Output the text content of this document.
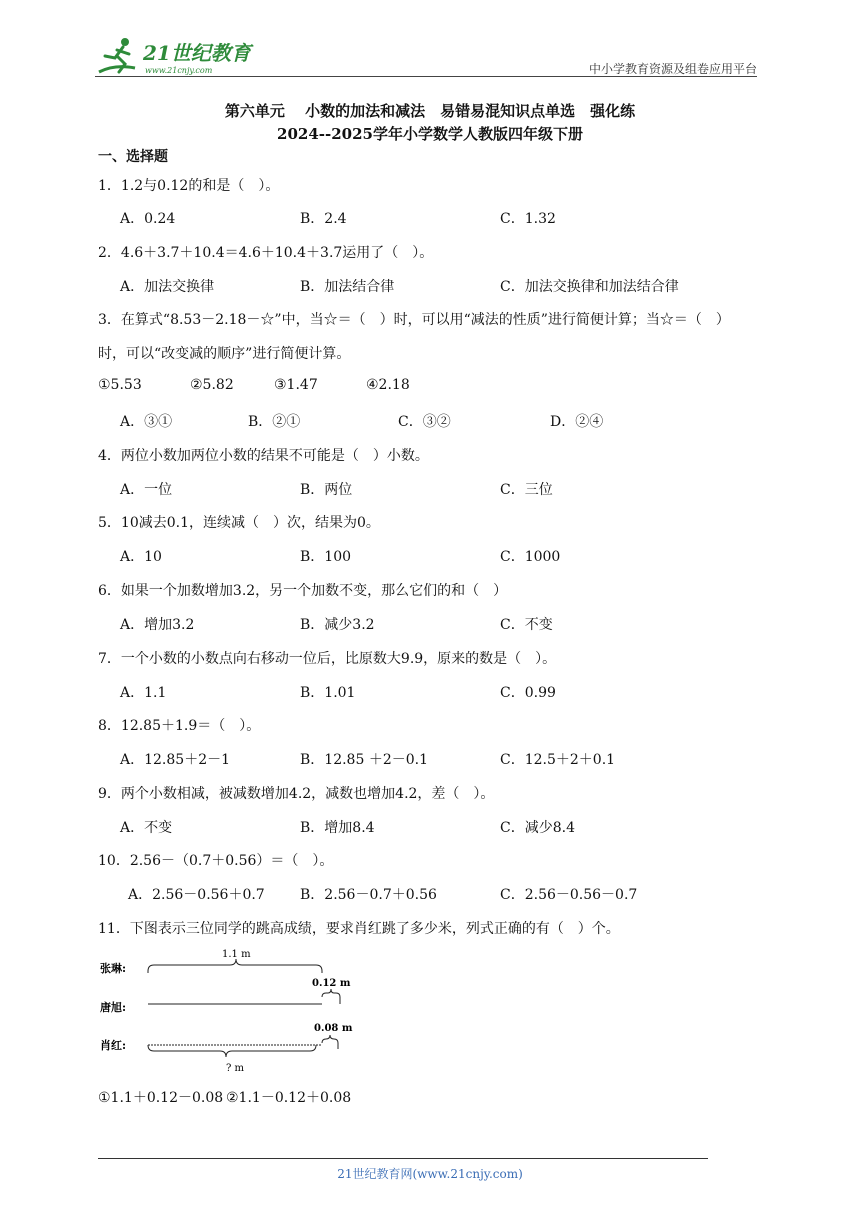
21世纪教育
www.21cnjy.com	中小学教育资源及组卷应用平台
第六单元　 小数的加法和减法　易错易混知识点单选　强化练
2024--2025学年小学数学人教版四年级下册
一、选择题
1．1.2与0.12的和是（　）。
A．0.24	B．2.4	C．1.32
2．4.6＋3.7＋10.4＝4.6＋10.4＋3.7运用了（　）。
A．加法交换律	B．加法结合律	C．加法交换律和加法结合律
3．在算式“8.53－2.18－☆”中，当☆＝（　）时，可以用“减法的性质”进行简便计算；当☆＝（　）
时，可以“改变减的顺序”进行简便计算。
①5.53	②5.82	③1.47	④2.18
A．③①	B．②①	C．③②	D．②④
4．两位小数加两位小数的结果不可能是（　）小数。
A．一位	B．两位	C．三位
5．10减去0.1，连续减（　）次，结果为0。
A．10	B．100	C．1000
6．如果一个加数增加3.2，另一个加数不变，那么它们的和（　）
A．增加3.2	B．减少3.2	C．不变
7．一个小数的小数点向右移动一位后，比原数大9.9，原来的数是（　）。
A．1.1	B．1.01	C．0.99
8．12.85＋1.9＝（　）。
A．12.85＋2－1	B．12.85 ＋2－0.1	C．12.5＋2＋0.1
9．两个小数相减，被减数增加4.2，减数也增加4.2，差（　）。
A．不变	B．增加8.4	C．减少8.4
10．2.56－（0.7＋0.56）＝（　）。
A．2.56－0.56＋0.7	B．2.56－0.7＋0.56	C．2.56－0.56－0.7
11．下图表示三位同学的跳高成绩，要求肖红跳了多少米，列式正确的有（　）个。
张琳:
唐旭:
肖红:
1.1 m
0.12 m
0.08 m
? m
①1.1＋0.12－0.08 ②1.1－0.12＋0.08
21世纪教育网(www.21cnjy.com)
